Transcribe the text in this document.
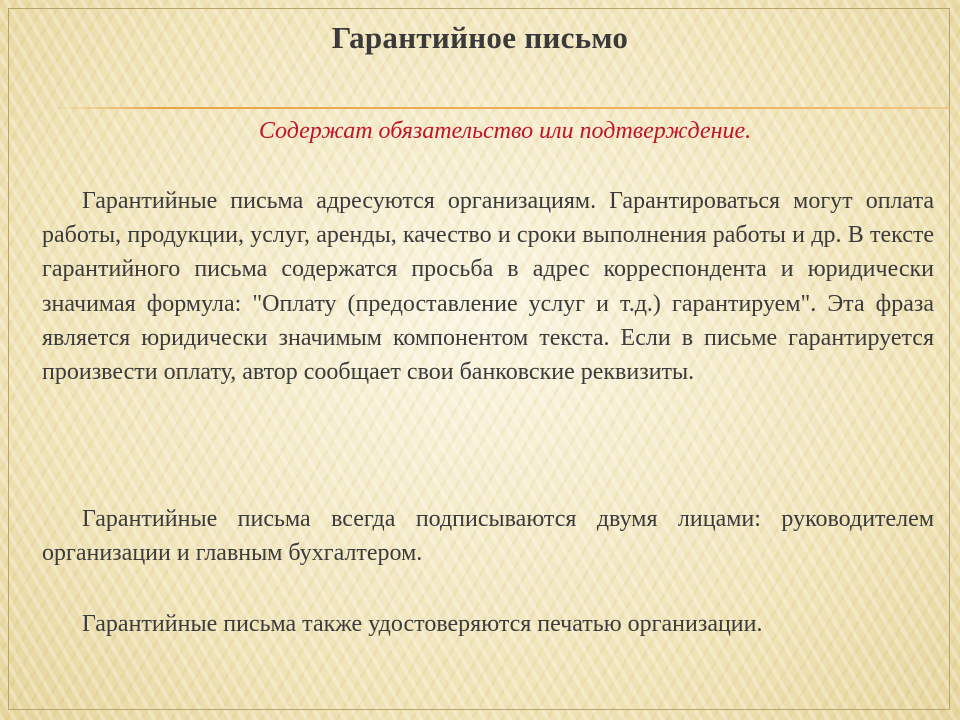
Гарантийное письмо

Содержат обязательство или подтверждение.

Гарантийные письма адресуются организациям. Гарантироваться могут оплата работы, продукции, услуг, аренды, качество и сроки выполнения работы и др. В тексте гарантийного письма содержатся просьба в адрес корреспондента и юридически значимая формула: "Оплату (предоставление услуг и т.д.) гарантируем". Эта фраза является юридически значимым компонентом текста. Если в письме гарантируется произвести оплату, автор сообщает свои банковские реквизиты.

Гарантийные письма всегда подписываются двумя лицами: руководителем организации и главным бухгалтером.

Гарантийные письма также удостоверяются печатью организации.
